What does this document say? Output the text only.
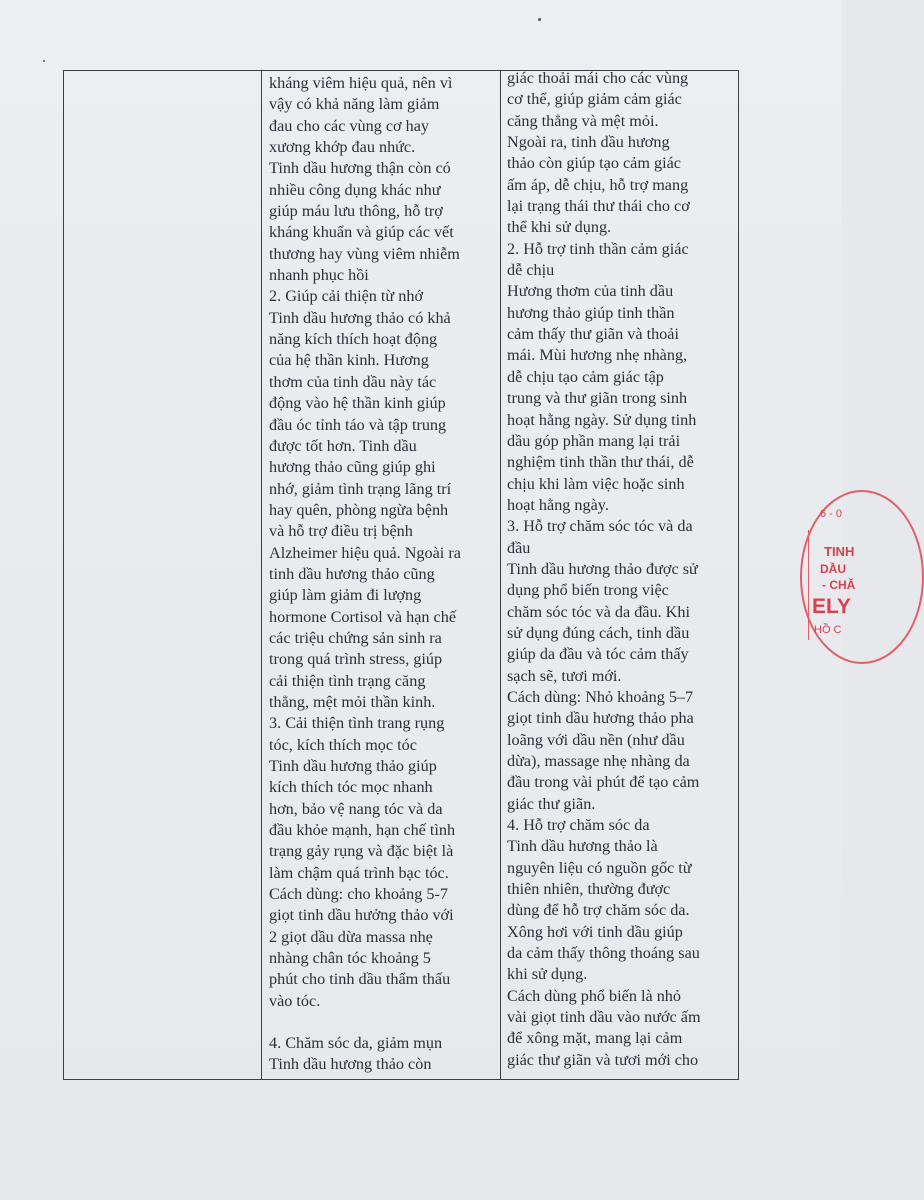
kháng viêm hiệu quả, nên vì
vậy có khả năng làm giảm
đau cho các vùng cơ hay
xương khớp đau nhức.
Tinh dầu hương thận còn có
nhiều công dụng khác như
giúp máu lưu thông, hỗ trợ
kháng khuẩn và giúp các vết
thương hay vùng viêm nhiễm
nhanh phục hồi
2. Giúp cải thiện từ nhớ
Tinh dầu hương thảo có khả
năng kích thích hoạt động
của hệ thần kinh. Hương
thơm của tinh dầu này tác
động vào hệ thần kinh giúp
đầu óc tỉnh táo và tập trung
được tốt hơn. Tinh dầu
hương thảo cũng giúp ghi
nhớ, giảm tình trạng lãng trí
hay quên, phòng ngừa bệnh
và hỗ trợ điều trị bệnh
Alzheimer hiệu quả. Ngoài ra
tinh dầu hương thảo cũng
giúp làm giảm đi lượng
hormone Cortisol và hạn chế
các triệu chứng sản sinh ra
trong quá trình stress, giúp
cải thiện tình trạng căng
thẳng, mệt mỏi thần kinh.
3. Cải thiện tình trang rụng
tóc, kích thích mọc tóc
Tinh dầu hương thảo giúp
kích thích tóc mọc nhanh
hơn, bảo vệ nang tóc và da
đầu khỏe mạnh, hạn chế tình
trạng gảy rụng và đặc biệt là
làm chậm quá trình bạc tóc.
Cách dùng: cho khoảng 5-7
giọt tinh dầu hưởng thảo với
2 giọt dầu dừa massa nhẹ
nhàng chân tóc khoảng 5
phút cho tinh dầu thẩm thấu
vào tóc.
4. Chăm sóc da, giảm mụn
Tinh dầu hương thảo còn
giác thoải mái cho các vùng
cơ thể, giúp giảm cảm giác
căng thẳng và mệt mỏi.
Ngoài ra, tinh dầu hương
thảo còn giúp tạo cảm giác
ấm áp, dễ chịu, hỗ trợ mang
lại trạng thái thư thái cho cơ
thể khi sử dụng.
2. Hỗ trợ tinh thần cảm giác
dễ chịu
Hương thơm của tinh dầu
hương thảo giúp tinh thần
cảm thấy thư giãn và thoải
mái. Mùi hương nhẹ nhàng,
dễ chịu tạo cảm giác tập
trung và thư giãn trong sinh
hoạt hằng ngày. Sử dụng tinh
dầu góp phần mang lại trải
nghiệm tinh thần thư thái, dễ
chịu khi làm việc hoặc sinh
hoạt hằng ngày.
3. Hỗ trợ chăm sóc tóc và da
đầu
Tinh dầu hương thảo được sử
dụng phổ biến trong việc
chăm sóc tóc và da đầu. Khi
sử dụng đúng cách, tinh dầu
giúp da đầu và tóc cảm thấy
sạch sẽ, tươi mới.
Cách dùng: Nhỏ khoảng 5–7
giọt tinh dầu hương thảo pha
loãng với dầu nền (như dầu
dừa), massage nhẹ nhàng da
đầu trong vài phút để tạo cảm
giác thư giãn.
4. Hỗ trợ chăm sóc da
Tinh dầu hương thảo là
nguyên liệu có nguồn gốc từ
thiên nhiên, thường được
dùng để hỗ trợ chăm sóc da.
Xông hơi với tinh dầu giúp
da cảm thấy thông thoáng sau
khi sử dụng.
Cách dùng phổ biến là nhỏ
vài giọt tinh dầu vào nước ấm
để xông mặt, mang lại cảm
giác thư giãn và tươi mới cho
6 - 0
TINH
DẦU
- CHĂ
ELY
HỒ C
